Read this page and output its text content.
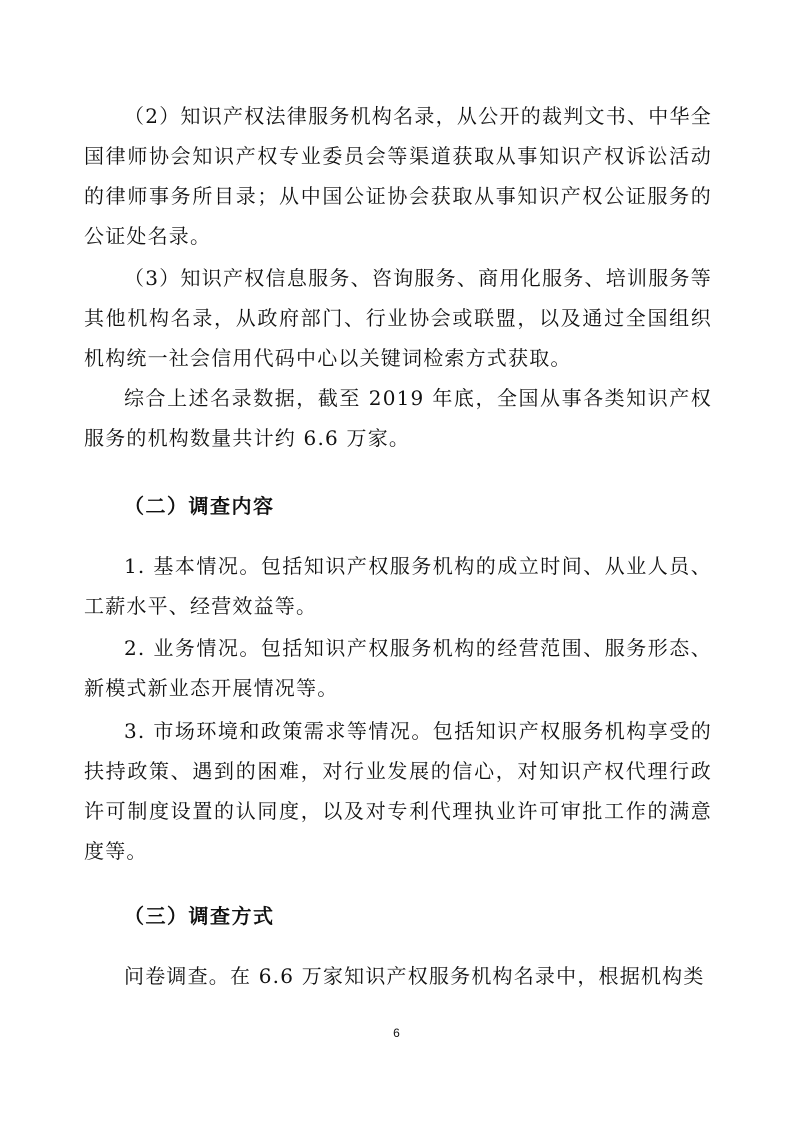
（2）知识产权法律服务机构名录，从公开的裁判文书、中华全国律师协会知识产权专业委员会等渠道获取从事知识产权诉讼活动的律师事务所目录；从中国公证协会获取从事知识产权公证服务的公证处名录。

（3）知识产权信息服务、咨询服务、商用化服务、培训服务等其他机构名录，从政府部门、行业协会或联盟，以及通过全国组织机构统一社会信用代码中心以关键词检索方式获取。

综合上述名录数据，截至 2019 年底，全国从事各类知识产权服务的机构数量共计约 6.6 万家。

（二）调查内容

1. 基本情况。包括知识产权服务机构的成立时间、从业人员、工薪水平、经营效益等。

2. 业务情况。包括知识产权服务机构的经营范围、服务形态、新模式新业态开展情况等。

3. 市场环境和政策需求等情况。包括知识产权服务机构享受的扶持政策、遇到的困难，对行业发展的信心，对知识产权代理行政许可制度设置的认同度，以及对专利代理执业许可审批工作的满意度等。

（三）调查方式

问卷调查。在 6.6 万家知识产权服务机构名录中，根据机构类

6
